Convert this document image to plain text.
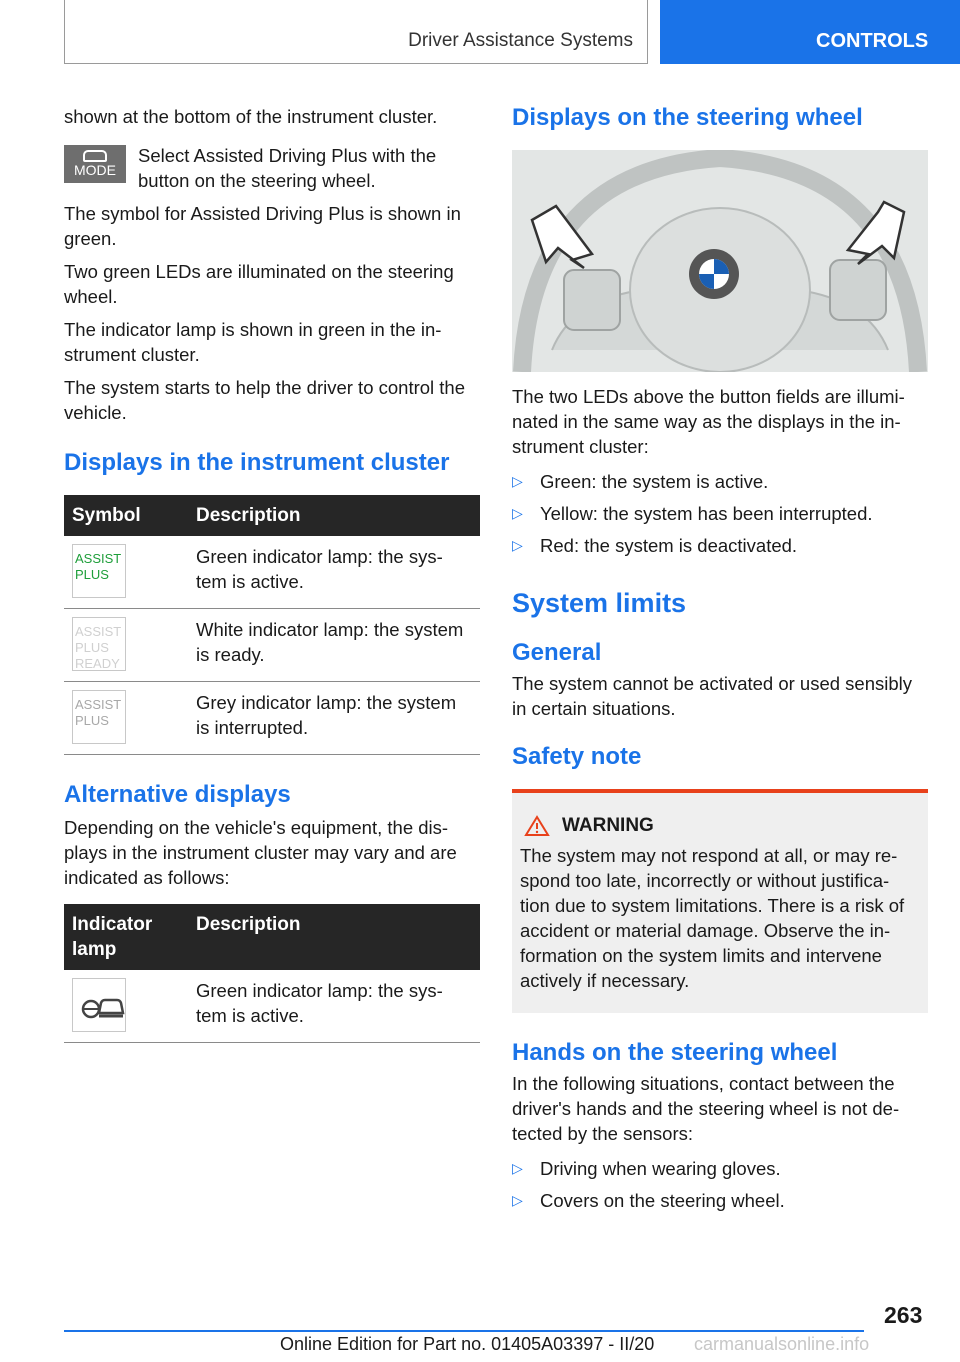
Driver Assistance Systems	CONTROLS

shown at the bottom of the instrument cluster.

MODE

Select Assisted Driving Plus with the button on the steering wheel.

The symbol for Assisted Driving Plus is shown in green.

Two green LEDs are illuminated on the steering wheel.

The indicator lamp is shown in green in the in- strument cluster.

The system starts to help the driver to control the vehicle.

Displays in the instrument cluster
Symbol	Description

ASSIST PLUS	Green indicator lamp: the sys- tem is active.

ASSIST PLUS READY	White indicator lamp: the system is ready.

ASSIST PLUS	Grey indicator lamp: the system is interrupted.
Alternative displays

Depending on the vehicle's equipment, the dis- plays in the instrument cluster may vary and are indicated as follows:

Indicator lamp	Description

	Green indicator lamp: the sys- tem is active.
Displays on the steering wheel

The two LEDs above the button fields are illumi- nated in the same way as the displays in the in- strument cluster:

▷ Green: the system is active.
▷ Yellow: the system has been interrupted.
▷ Red: the system is deactivated.
System limits
General

The system cannot be activated or used sensibly in certain situations.

Safety note
WARNING

The system may not respond at all, or may re- spond too late, incorrectly or without justifica- tion due to system limitations. There is a risk of accident or material damage. Observe the in- formation on the system limits and intervene actively if necessary.

Hands on the steering wheel

In the following situations, contact between the driver's hands and the steering wheel is not de- tected by the sensors:

▷ Driving when wearing gloves.
▷ Covers on the steering wheel.
263
Online Edition for Part no. 01405A03397 - II/20 carmanualsonline.info
